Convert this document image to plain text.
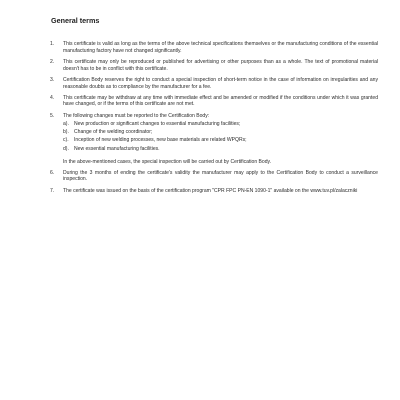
General terms
1. This certificate is valid as long as the terms of the above technical specifications themselves or the manufacturing conditions of the essential manufacturing factory have not changed significantly.
2. This certificate may only be reproduced or published for advertising or other purposes than as a whole. The text of promotional material doesn't has to be in conflict with this certificate.
3. Certification Body reserves the right to conduct a special inspection of short-term notice in the case of information on irregularities and any reasonable doubts as to compliance by the manufacturer for a fee.
4. This certificate may be withdraw at any time with immediate effect and be amended or modified if the conditions under which it was granted have changed, or if the terms of this certificate are not met.
5. The following changes must be reported to the Certification Body:
a). New production or significant changes to essential manufacturing facilities;
b). Change of the welding coordinator;
c). Inception of new welding processes, new base materials are related WPQRs;
d). New essential manufacturing facilities.
In the above-mentioned cases, the special inspection will be carried out by Certification Body.
6. During the 3 months of ending the certificate's validity the manufacturer may apply to the Certification Body to conduct a surveillance inspection.
7. The certificate was issued on the basis of the certification program "CPR FPC PN-EN 1090-1" available on the www.tuv.pl/zalaczniki
